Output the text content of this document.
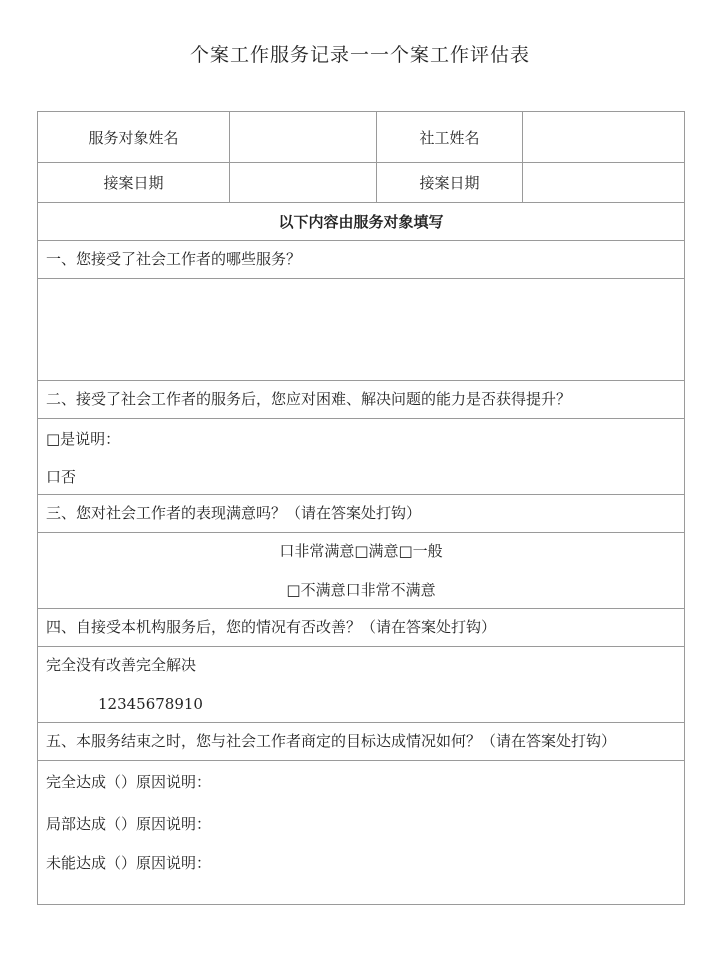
个案工作服务记录一一个案工作评估表
服务对象姓名	社工姓名
接案日期	接案日期
以下内容由服务对象填写
一、您接受了社会工作者的哪些服务？
二、接受了社会工作者的服务后，您应对困难、解决问题的能力是否获得提升？
□是说明：
口否
三、您对社会工作者的表现满意吗？（请在答案处打钩）
口非常满意□满意□一般
□不满意口非常不满意
四、自接受本机构服务后，您的情况有否改善？（请在答案处打钩）
完全没有改善完全解决
12345678910
五、本服务结束之时，您与社会工作者商定的目标达成情况如何？（请在答案处打钩）
完全达成（）原因说明：
局部达成（）原因说明：
未能达成（）原因说明：
